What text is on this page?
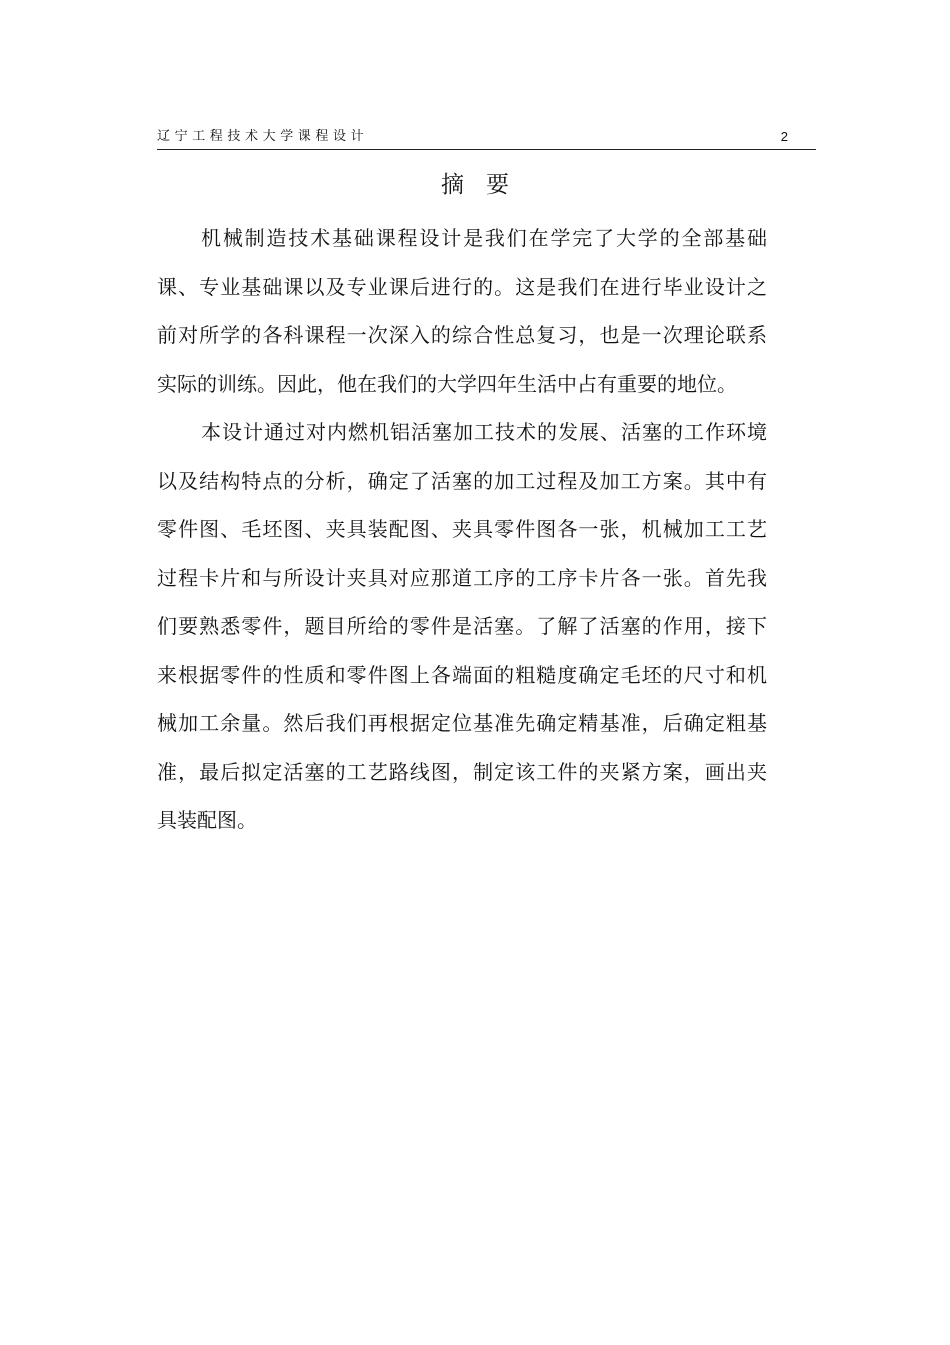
辽宁工程技术大学课程设计	2
摘要

机械制造技术基础课程设计是我们在学完了大学的全部基础
课、专业基础课以及专业课后进行的。这是我们在进行毕业设计之
前对所学的各科课程一次深入的综合性总复习，也是一次理论联系
实际的训练。因此，他在我们的大学四年生活中占有重要的地位。

本设计通过对内燃机铝活塞加工技术的发展、活塞的工作环境
以及结构特点的分析，确定了活塞的加工过程及加工方案。其中有
零件图、毛坯图、夹具装配图、夹具零件图各一张，机械加工工艺
过程卡片和与所设计夹具对应那道工序的工序卡片各一张。首先我
们要熟悉零件，题目所给的零件是活塞。了解了活塞的作用，接下
来根据零件的性质和零件图上各端面的粗糙度确定毛坯的尺寸和机
械加工余量。然后我们再根据定位基准先确定精基准，后确定粗基
准，最后拟定活塞的工艺路线图，制定该工件的夹紧方案，画出夹
具装配图。
